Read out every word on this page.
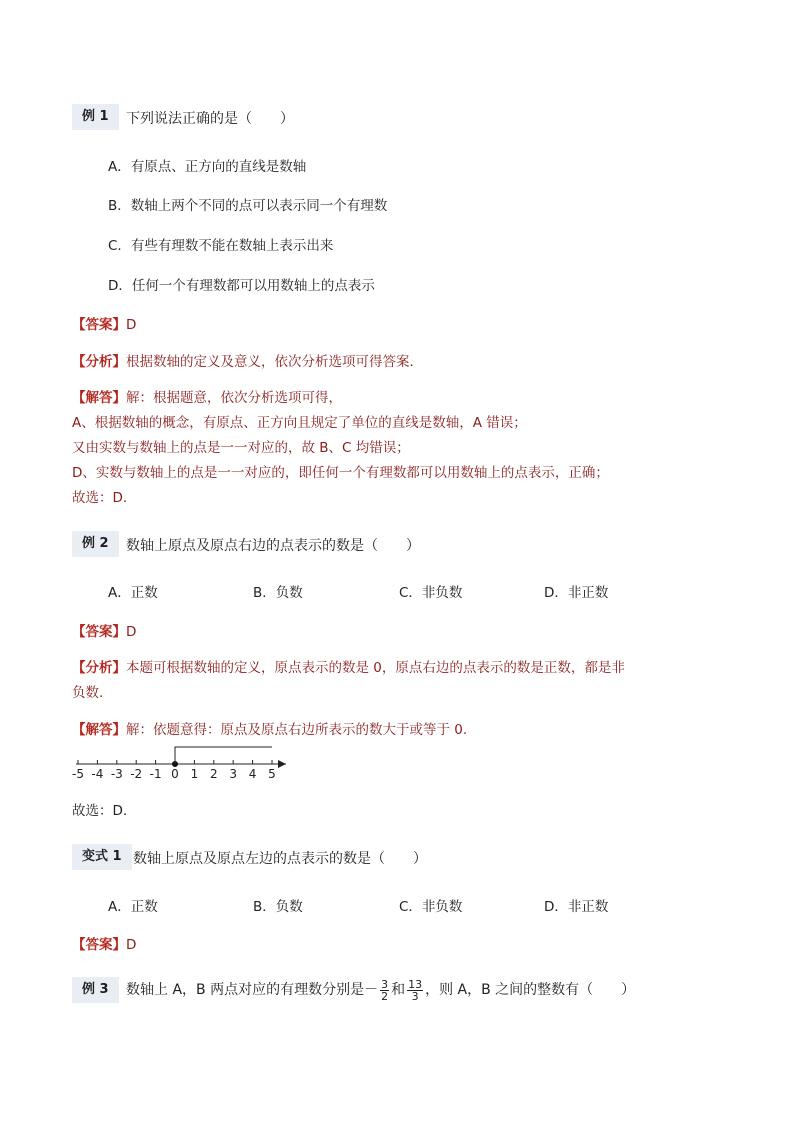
例 1	下列说法正确的是（　　）
A．有原点、正方向的直线是数轴
B．数轴上两个不同的点可以表示同一个有理数
C．有些有理数不能在数轴上表示出来
D．任何一个有理数都可以用数轴上的点表示
【答案】D
【分析】根据数轴的定义及意义，依次分析选项可得答案．
【解答】解：根据题意，依次分析选项可得，
A、根据数轴的概念，有原点、正方向且规定了单位的直线是数轴，A 错误；
又由实数与数轴上的点是一一对应的，故 B、C 均错误；
D、实数与数轴上的点是一一对应的，即任何一个有理数都可以用数轴上的点表示，正确；
故选：D.
例 2	数轴上原点及原点右边的点表示的数是（　　）
A．正数	B．负数	C．非负数	D．非正数
【答案】D
【分析】本题可根据数轴的定义，原点表示的数是 0，原点右边的点表示的数是正数，都是非
负数.
【解答】解：依题意得：原点及原点右边所表示的数大于或等于 0.
-5 -4 -3 -2 -1 0 1 2 3 4 5
故选：D.
变式 1 数轴上原点及原点左边的点表示的数是（　　）
A．正数	B．负数	C．非负数	D．非正数
【答案】D
例 3	数轴上 A，B 两点对应的有理数分别是－ $\frac{3}{2}$ 和 $\frac{13}{3}$ ，则 A，B 之间的整数有（　　）
